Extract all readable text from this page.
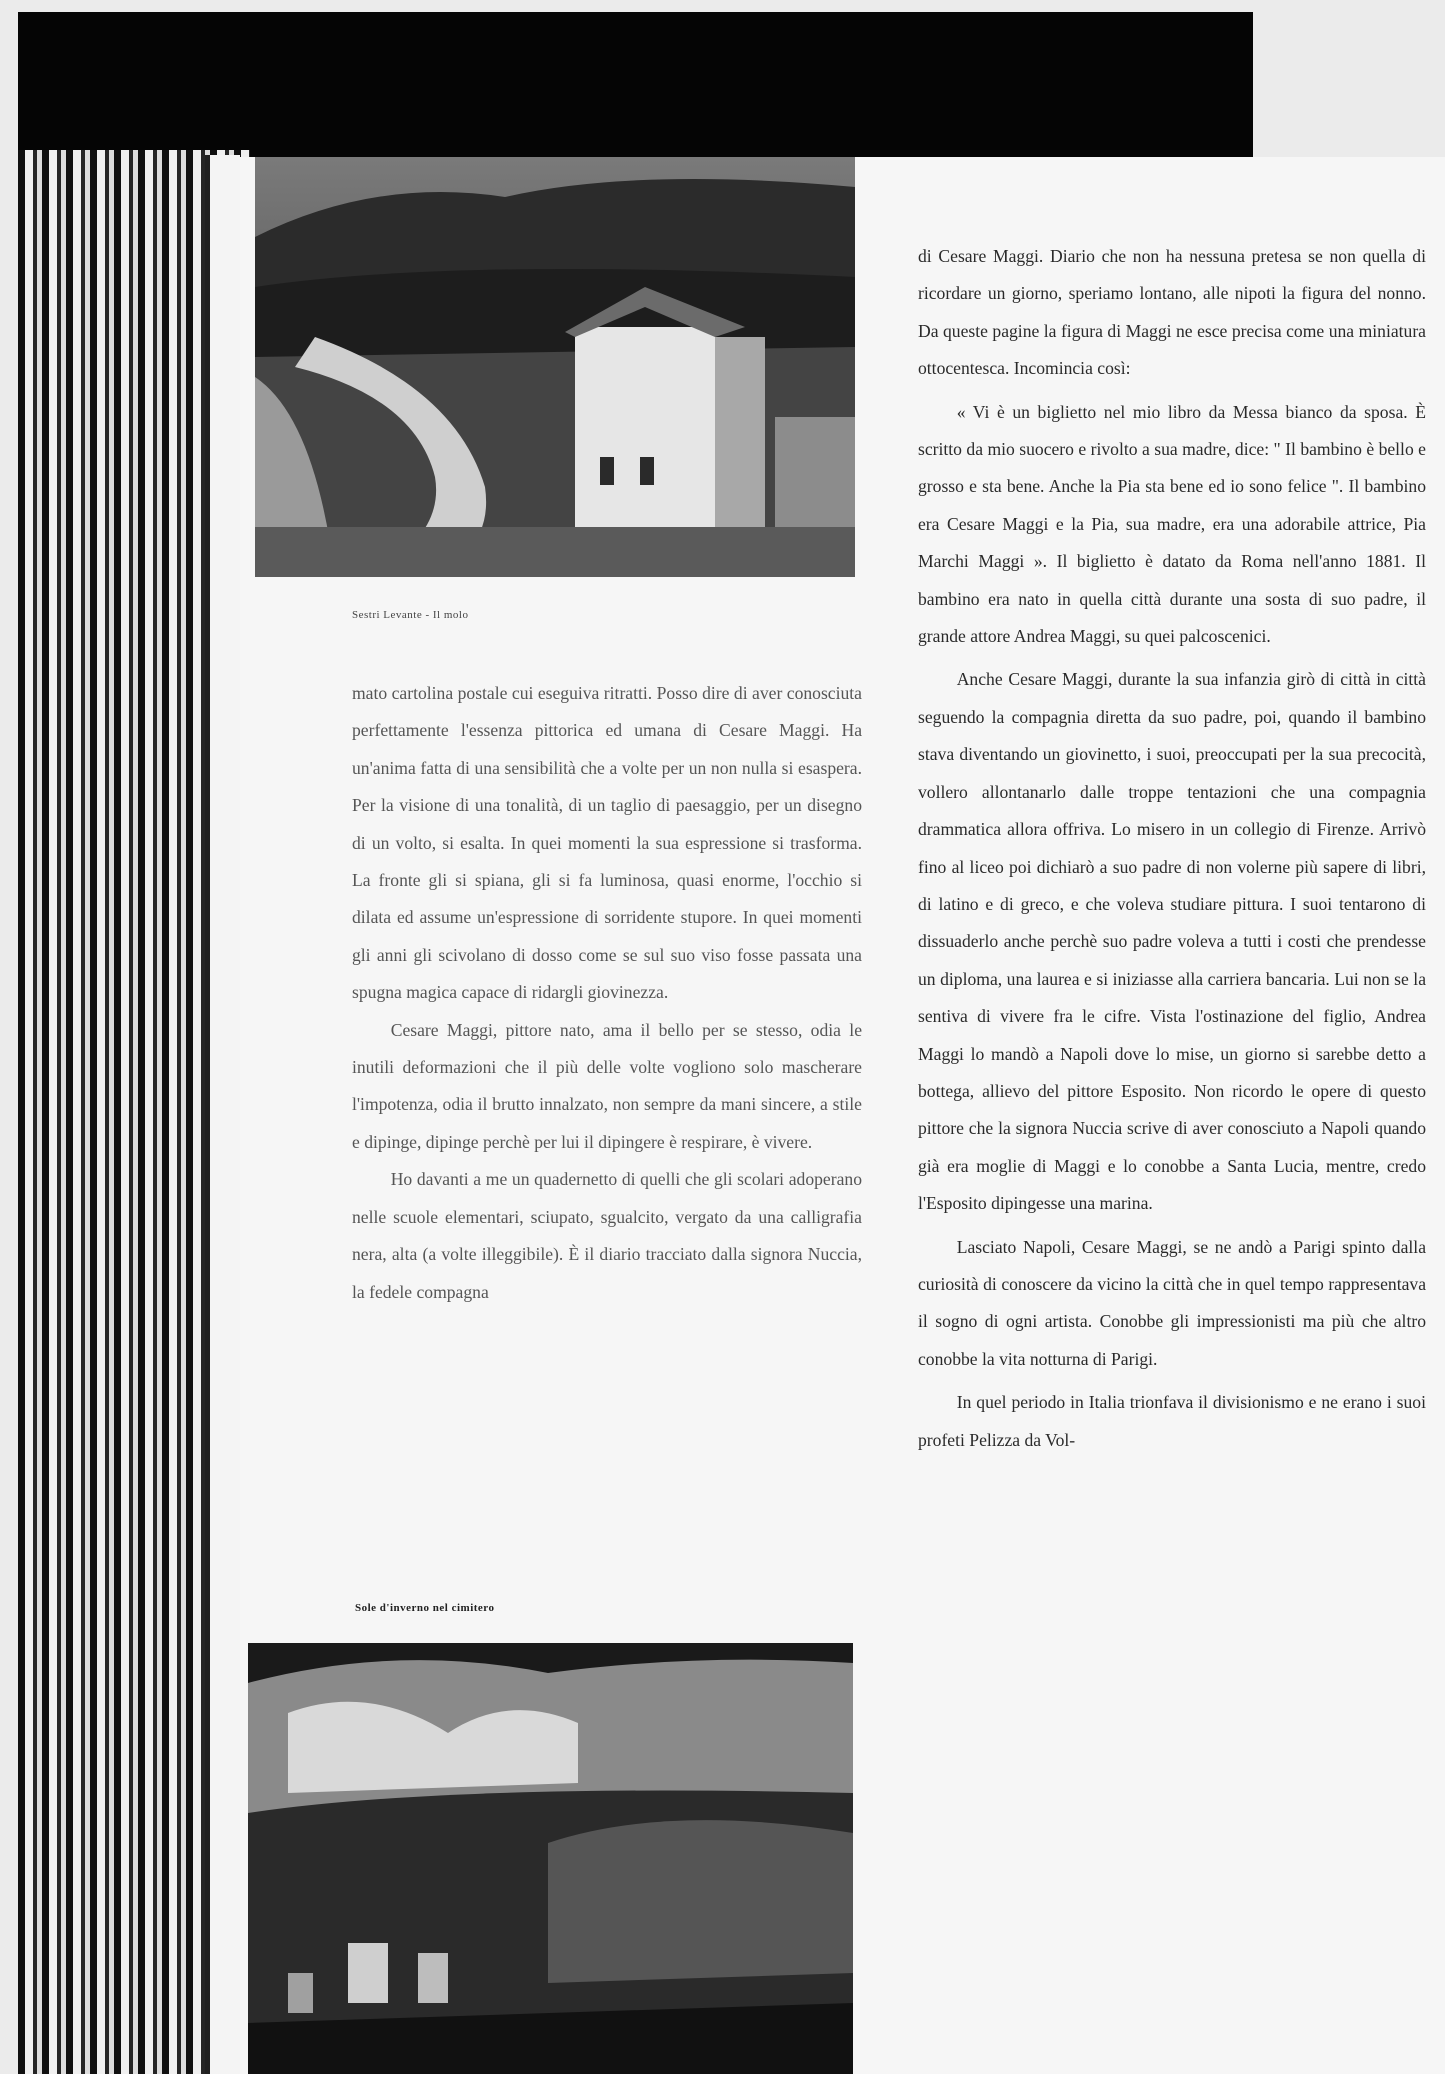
Sestri Levante - Il molo

mato cartolina postale cui eseguiva ritratti. Posso dire di aver conosciuta perfettamente l'essenza pittorica ed umana di Cesare Maggi. Ha un'anima fatta di una sensibilità che a volte per un non nulla si esaspera. Per la visione di una tonalità, di un taglio di paesaggio, per un disegno di un volto, si esalta. In quei momenti la sua espressione si trasforma. La fronte gli si spiana, gli si fa luminosa, quasi enorme, l'occhio si dilata ed assume un'espressione di sorridente stupore. In quei momenti gli anni gli scivolano di dosso come se sul suo viso fosse passata una spugna magica capace di ridargli giovinezza.

Cesare Maggi, pittore nato, ama il bello per se stesso, odia le inutili deformazioni che il più delle volte vogliono solo mascherare l'impotenza, odia il brutto innalzato, non sempre da mani sincere, a stile e dipinge, dipinge perchè per lui il dipingere è respirare, è vivere.

Ho davanti a me un quadernetto di quelli che gli scolari adoperano nelle scuole elementari, sciupato, sgualcito, vergato da una calligrafia nera, alta (a volte illeggibile). È il diario tracciato dalla signora Nuccia, la fedele compagna

Sole d'inverno nel cimitero

di Cesare Maggi. Diario che non ha nessuna pretesa se non quella di ricordare un giorno, speriamo lontano, alle nipoti la figura del nonno. Da queste pagine la figura di Maggi ne esce precisa come una miniatura ottocentesca. Incomincia così:

« Vi è un biglietto nel mio libro da Messa bianco da sposa. È scritto da mio suocero e rivolto a sua madre, dice: " Il bambino è bello e grosso e sta bene. Anche la Pia sta bene ed io sono felice ". Il bambino era Cesare Maggi e la Pia, sua madre, era una adorabile attrice, Pia Marchi Maggi ». Il biglietto è datato da Roma nell'anno 1881. Il bambino era nato in quella città durante una sosta di suo padre, il grande attore Andrea Maggi, su quei palcoscenici.

Anche Cesare Maggi, durante la sua infanzia girò di città in città seguendo la compagnia diretta da suo padre, poi, quando il bambino stava diventando un giovinetto, i suoi, preoccupati per la sua precocità, vollero allontanarlo dalle troppe tentazioni che una compagnia drammatica allora offriva. Lo misero in un collegio di Firenze. Arrivò fino al liceo poi dichiarò a suo padre di non volerne più sapere di libri, di latino e di greco, e che voleva studiare pittura. I suoi tentarono di dissuaderlo anche perchè suo padre voleva a tutti i costi che prendesse un diploma, una laurea e si iniziasse alla carriera bancaria. Lui non se la sentiva di vivere fra le cifre. Vista l'ostinazione del figlio, Andrea Maggi lo mandò a Napoli dove lo mise, un giorno si sarebbe detto a bottega, allievo del pittore Esposito. Non ricordo le opere di questo pittore che la signora Nuccia scrive di aver conosciuto a Napoli quando già era moglie di Maggi e lo conobbe a Santa Lucia, mentre, credo l'Esposito dipingesse una marina.

Lasciato Napoli, Cesare Maggi, se ne andò a Parigi spinto dalla curiosità di conoscere da vicino la città che in quel tempo rappresentava il sogno di ogni artista. Conobbe gli impressionisti ma più che altro conobbe la vita notturna di Parigi.

In quel periodo in Italia trionfava il divisionismo e ne erano i suoi profeti Pelizza da Vol-
